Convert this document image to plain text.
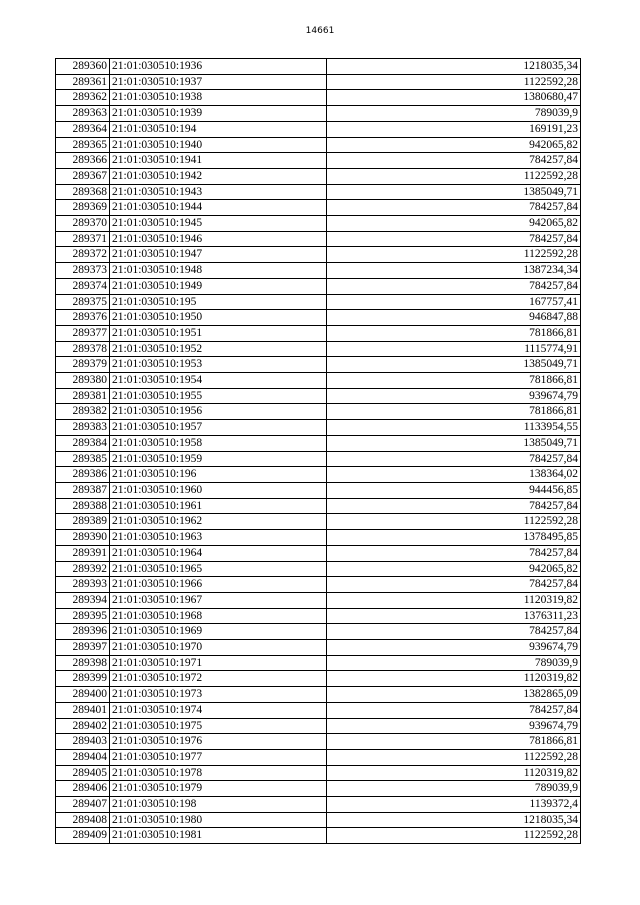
14661
289360	21:01:030510:1936	1218035,34
289361	21:01:030510:1937	1122592,28
289362	21:01:030510:1938	1380680,47
289363	21:01:030510:1939	789039,9
289364	21:01:030510:194	169191,23
289365	21:01:030510:1940	942065,82
289366	21:01:030510:1941	784257,84
289367	21:01:030510:1942	1122592,28
289368	21:01:030510:1943	1385049,71
289369	21:01:030510:1944	784257,84
289370	21:01:030510:1945	942065,82
289371	21:01:030510:1946	784257,84
289372	21:01:030510:1947	1122592,28
289373	21:01:030510:1948	1387234,34
289374	21:01:030510:1949	784257,84
289375	21:01:030510:195	167757,41
289376	21:01:030510:1950	946847,88
289377	21:01:030510:1951	781866,81
289378	21:01:030510:1952	1115774,91
289379	21:01:030510:1953	1385049,71
289380	21:01:030510:1954	781866,81
289381	21:01:030510:1955	939674,79
289382	21:01:030510:1956	781866,81
289383	21:01:030510:1957	1133954,55
289384	21:01:030510:1958	1385049,71
289385	21:01:030510:1959	784257,84
289386	21:01:030510:196	138364,02
289387	21:01:030510:1960	944456,85
289388	21:01:030510:1961	784257,84
289389	21:01:030510:1962	1122592,28
289390	21:01:030510:1963	1378495,85
289391	21:01:030510:1964	784257,84
289392	21:01:030510:1965	942065,82
289393	21:01:030510:1966	784257,84
289394	21:01:030510:1967	1120319,82
289395	21:01:030510:1968	1376311,23
289396	21:01:030510:1969	784257,84
289397	21:01:030510:1970	939674,79
289398	21:01:030510:1971	789039,9
289399	21:01:030510:1972	1120319,82
289400	21:01:030510:1973	1382865,09
289401	21:01:030510:1974	784257,84
289402	21:01:030510:1975	939674,79
289403	21:01:030510:1976	781866,81
289404	21:01:030510:1977	1122592,28
289405	21:01:030510:1978	1120319,82
289406	21:01:030510:1979	789039,9
289407	21:01:030510:198	1139372,4
289408	21:01:030510:1980	1218035,34
289409	21:01:030510:1981	1122592,28
